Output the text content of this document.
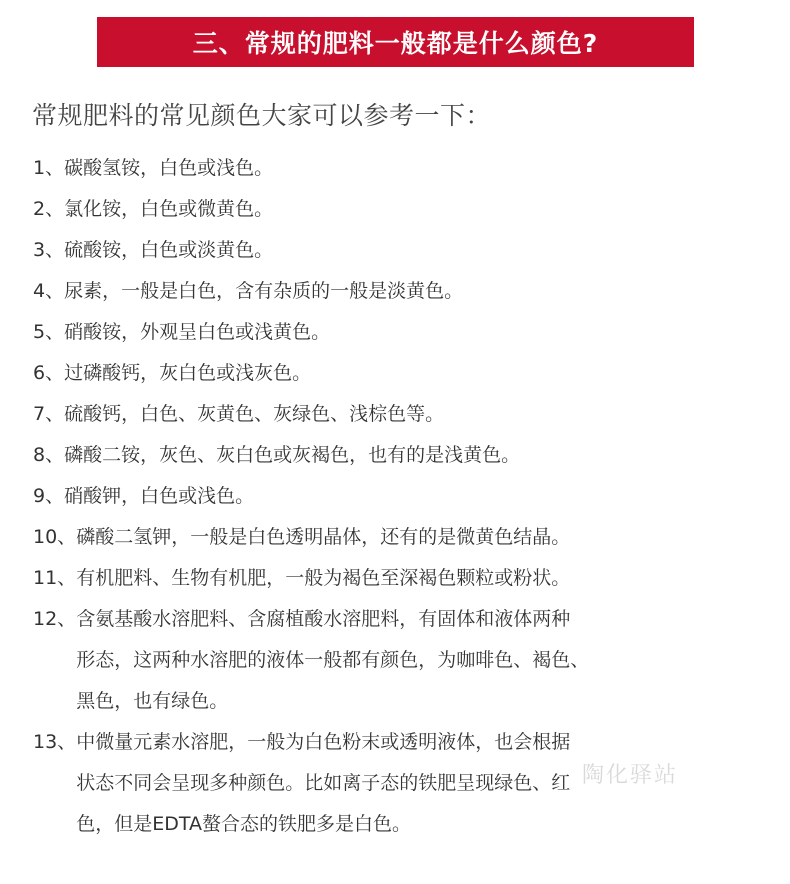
三、常规的肥料一般都是什么颜色?
常规肥料的常见颜色大家可以参考一下：
1、 碳酸氢铵，白色或浅色。
2、 氯化铵，白色或微黄色。
3、 硫酸铵，白色或淡黄色。
4、 尿素，一般是白色，含有杂质的一般是淡黄色。
5、 硝酸铵，外观呈白色或浅黄色。
6、 过磷酸钙，灰白色或浅灰色。
7、 硫酸钙，白色、灰黄色、灰绿色、浅棕色等。
8、 磷酸二铵，灰色、灰白色或灰褐色，也有的是浅黄色。
9、 硝酸钾，白色或浅色。
10、 磷酸二氢钾，一般是白色透明晶体，还有的是微黄色结晶。
11、 有机肥料、生物有机肥，一般为褐色至深褐色颗粒或粉状。
12、 含氨基酸水溶肥料、含腐植酸水溶肥料，有固体和液体两种
形态，这两种水溶肥的液体一般都有颜色，为咖啡色、褐色、
黑色，也有绿色。
13、 中微量元素水溶肥，一般为白色粉末或透明液体，也会根据
状态不同会呈现多种颜色。比如离子态的铁肥呈现绿色、红
色，但是EDTA螯合态的铁肥多是白色。
陶化驿站
